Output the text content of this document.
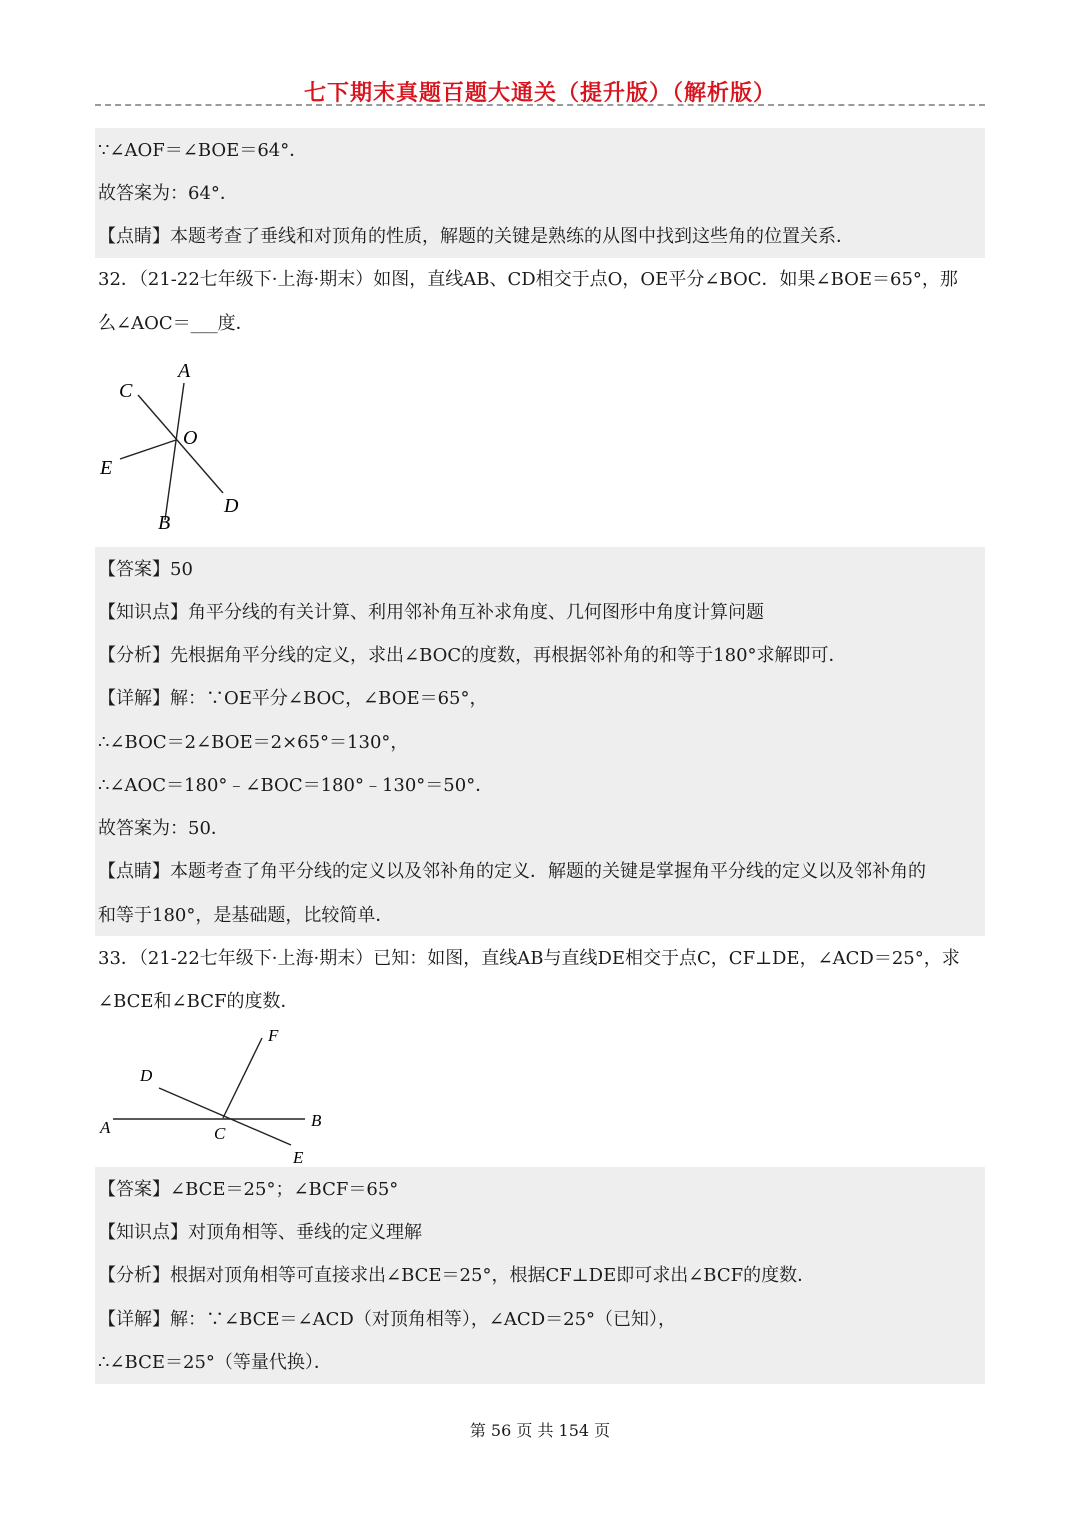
七下期末真题百题大通关（提升版）（解析版）
∵∠AOF＝∠BOE＝64°．
故答案为：64°．
【点睛】本题考查了垂线和对顶角的性质，解题的关键是熟练的从图中找到这些角的位置关系．
32．（21-22七年级下·上海·期末）如图，直线AB、CD相交于点O，OE平分∠BOC．如果∠BOE＝65°，那
么∠AOC＝___度．
A
C
O
E
D
B
【答案】50
【知识点】角平分线的有关计算、利用邻补角互补求角度、几何图形中角度计算问题
【分析】先根据角平分线的定义，求出∠BOC的度数，再根据邻补角的和等于180°求解即可．
【详解】解：∵OE平分∠BOC，∠BOE＝65°，
∴∠BOC＝2∠BOE＝2×65°＝130°，
∴∠AOC＝180°﹣∠BOC＝180°﹣130°＝50°．
故答案为：50．
【点睛】本题考查了角平分线的定义以及邻补角的定义．解题的关键是掌握角平分线的定义以及邻补角的
和等于180°，是基础题，比较简单．
33．（21-22七年级下·上海·期末）已知：如图，直线AB与直线DE相交于点C，CF⊥DE，∠ACD＝25°，求
∠BCE和∠BCF的度数．
F
D
A	B
C
E
【答案】∠BCE＝25°；∠BCF＝65°
【知识点】对顶角相等、垂线的定义理解
【分析】根据对顶角相等可直接求出∠BCE＝25°，根据CF⊥DE即可求出∠BCF的度数．
【详解】解：∵∠BCE＝∠ACD（对顶角相等），∠ACD＝25°（已知），
∴∠BCE＝25°（等量代换）．
第 56 页 共 154 页
